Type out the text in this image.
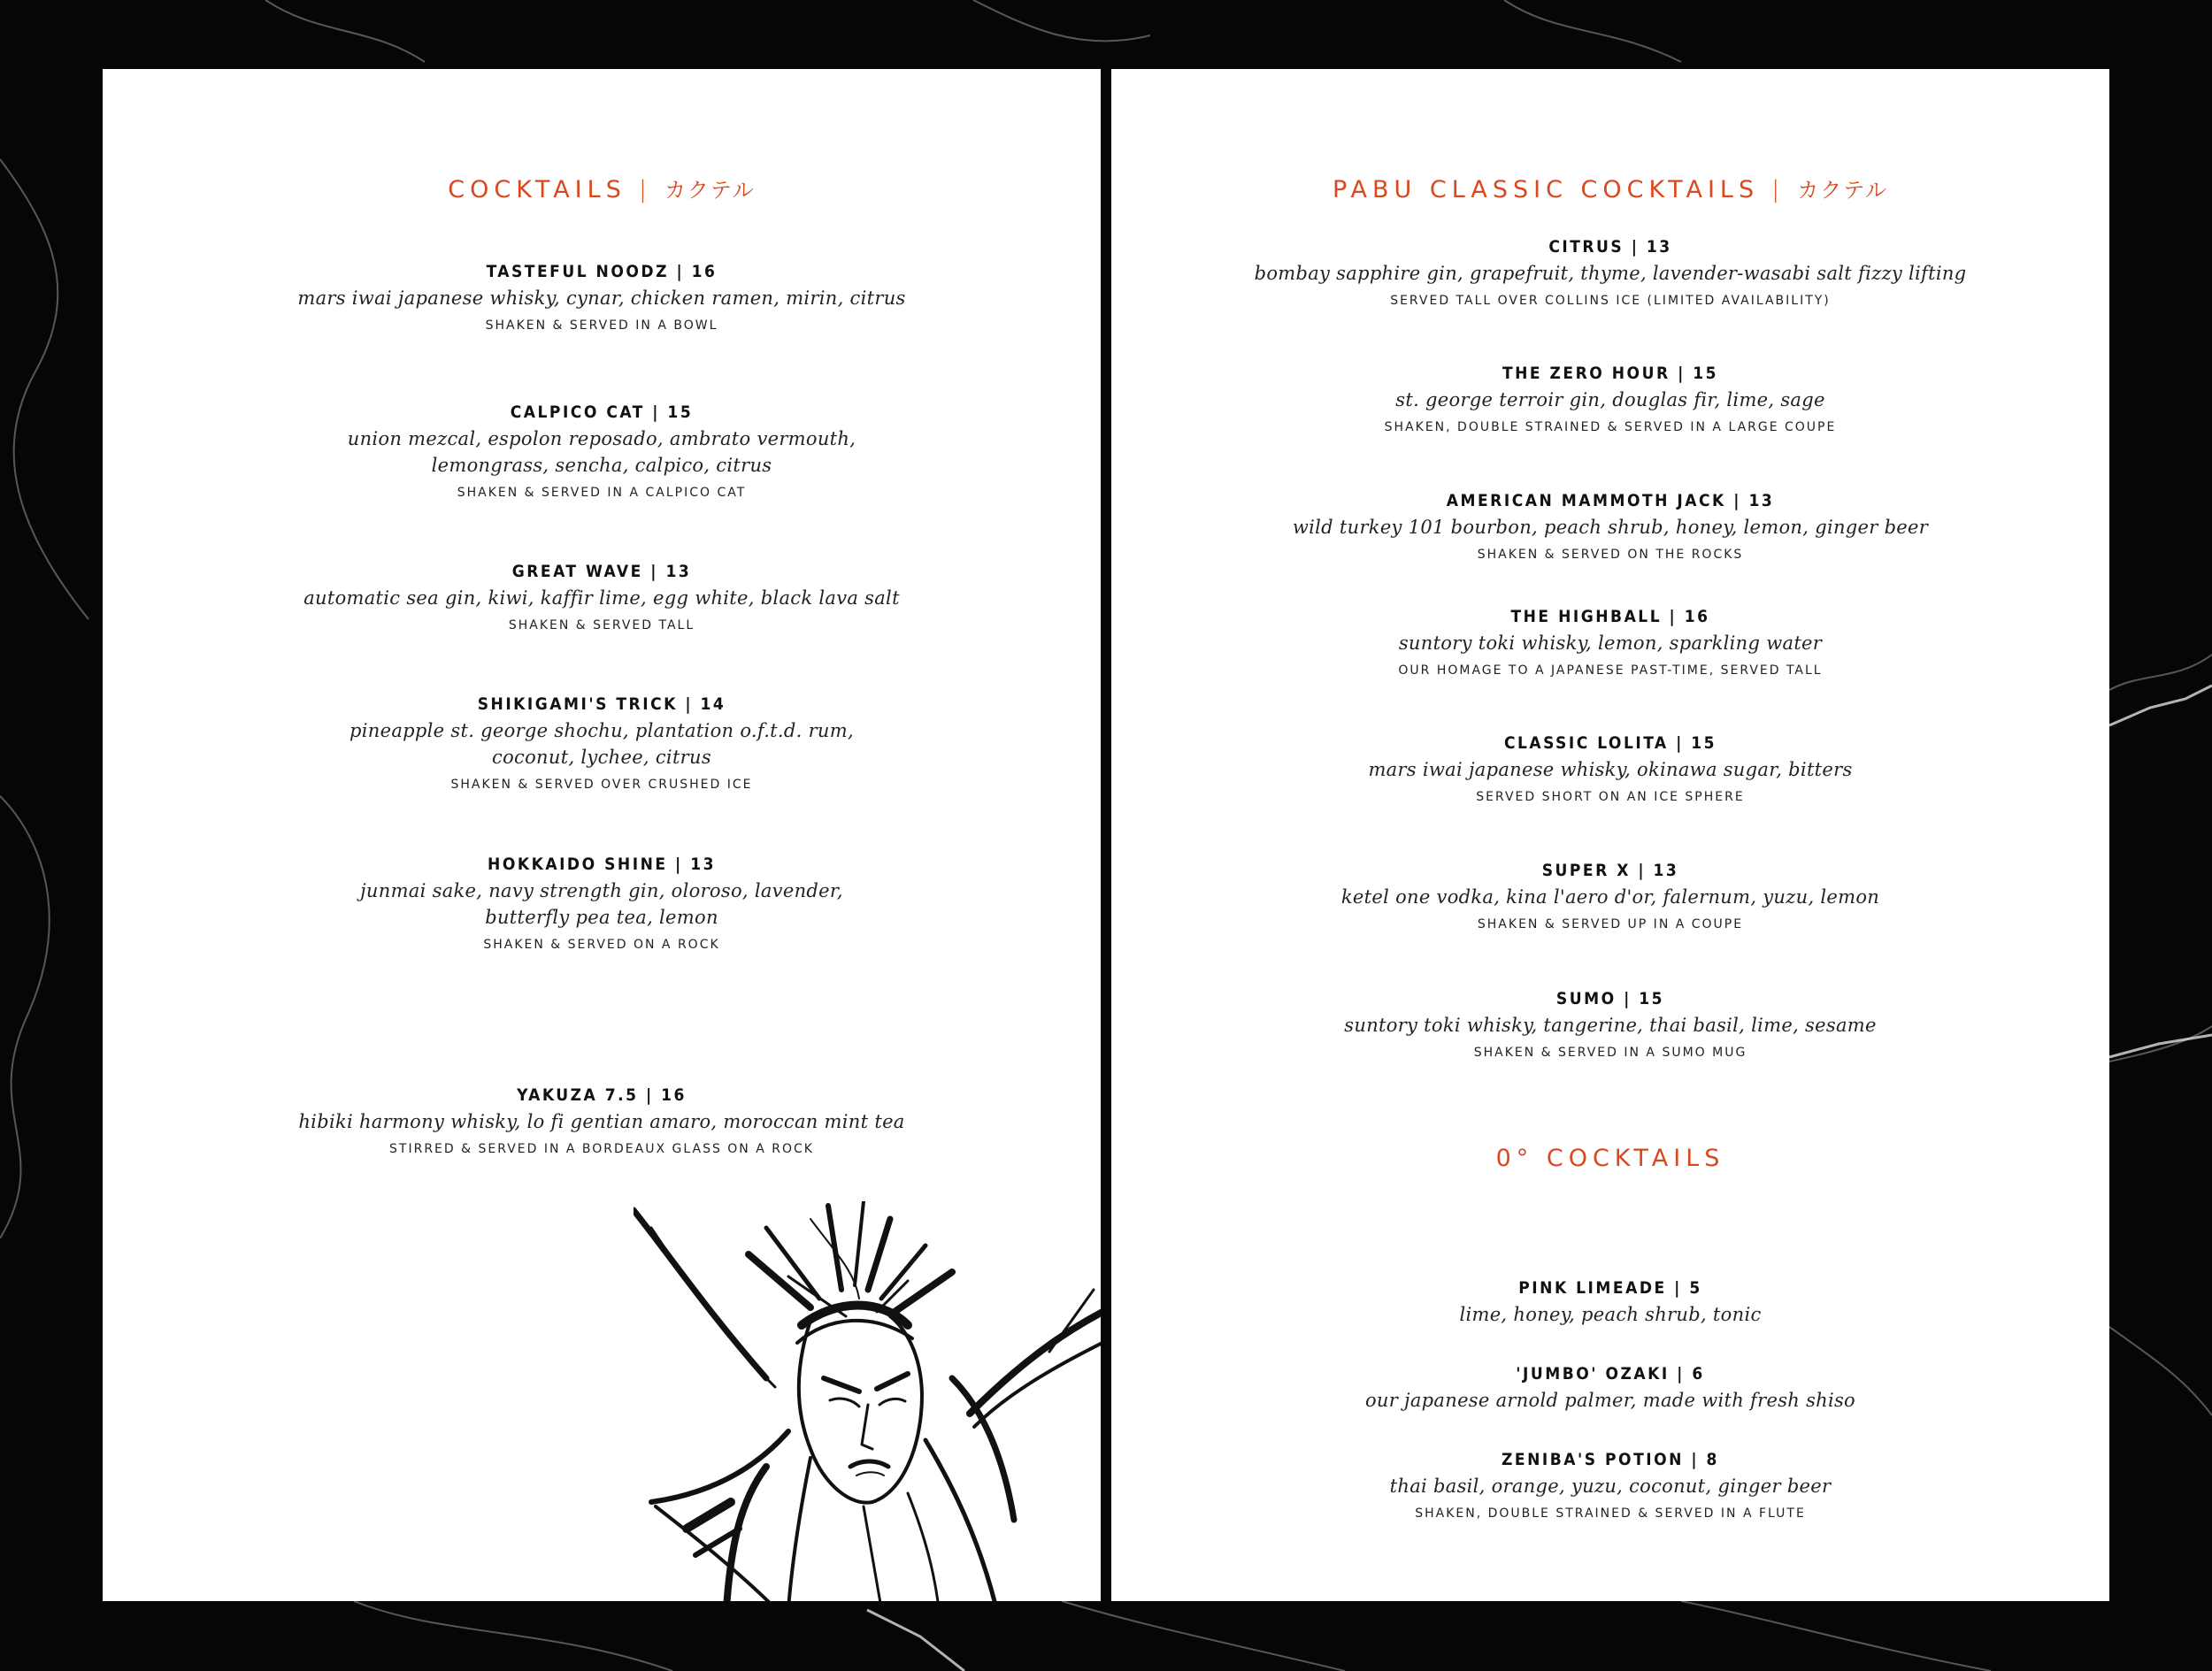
COCKTAILS | カクテル
TASTEFUL NOODZ | 16
mars iwai japanese whisky, cynar, chicken ramen, mirin, citrus
SHAKEN & SERVED IN A BOWL
CALPICO CAT | 15
union mezcal, espolon reposado, ambrato vermouth,
lemongrass, sencha, calpico, citrus
SHAKEN & SERVED IN A CALPICO CAT
GREAT WAVE | 13
automatic sea gin, kiwi, kaffir lime, egg white, black lava salt
SHAKEN & SERVED TALL
SHIKIGAMI'S TRICK | 14
pineapple st. george shochu, plantation o.f.t.d. rum,
coconut, lychee, citrus
SHAKEN & SERVED OVER CRUSHED ICE
HOKKAIDO SHINE | 13
junmai sake, navy strength gin, oloroso, lavender,
butterfly pea tea, lemon
SHAKEN & SERVED ON A ROCK
YAKUZA 7.5 | 16
hibiki harmony whisky, lo fi gentian amaro, moroccan mint tea
STIRRED & SERVED IN A BORDEAUX GLASS ON A ROCK
PABU CLASSIC COCKTAILS | カクテル
CITRUS | 13
bombay sapphire gin, grapefruit, thyme, lavender-wasabi salt fizzy lifting
SERVED TALL OVER COLLINS ICE (LIMITED AVAILABILITY)
THE ZERO HOUR | 15
st. george terroir gin, douglas fir, lime, sage
SHAKEN, DOUBLE STRAINED & SERVED IN A LARGE COUPE
AMERICAN MAMMOTH JACK | 13
wild turkey 101 bourbon, peach shrub, honey, lemon, ginger beer
SHAKEN & SERVED ON THE ROCKS
THE HIGHBALL | 16
suntory toki whisky, lemon, sparkling water
OUR HOMAGE TO A JAPANESE PAST-TIME, SERVED TALL
CLASSIC LOLITA | 15
mars iwai japanese whisky, okinawa sugar, bitters
SERVED SHORT ON AN ICE SPHERE
SUPER X | 13
ketel one vodka, kina l'aero d'or, falernum, yuzu, lemon
SHAKEN & SERVED UP IN A COUPE
SUMO | 15
suntory toki whisky, tangerine, thai basil, lime, sesame
SHAKEN & SERVED IN A SUMO MUG
0° COCKTAILS
PINK LIMEADE | 5
lime, honey, peach shrub, tonic
'JUMBO' OZAKI | 6
our japanese arnold palmer, made with fresh shiso
ZENIBA'S POTION | 8
thai basil, orange, yuzu, coconut, ginger beer
SHAKEN, DOUBLE STRAINED & SERVED IN A FLUTE
